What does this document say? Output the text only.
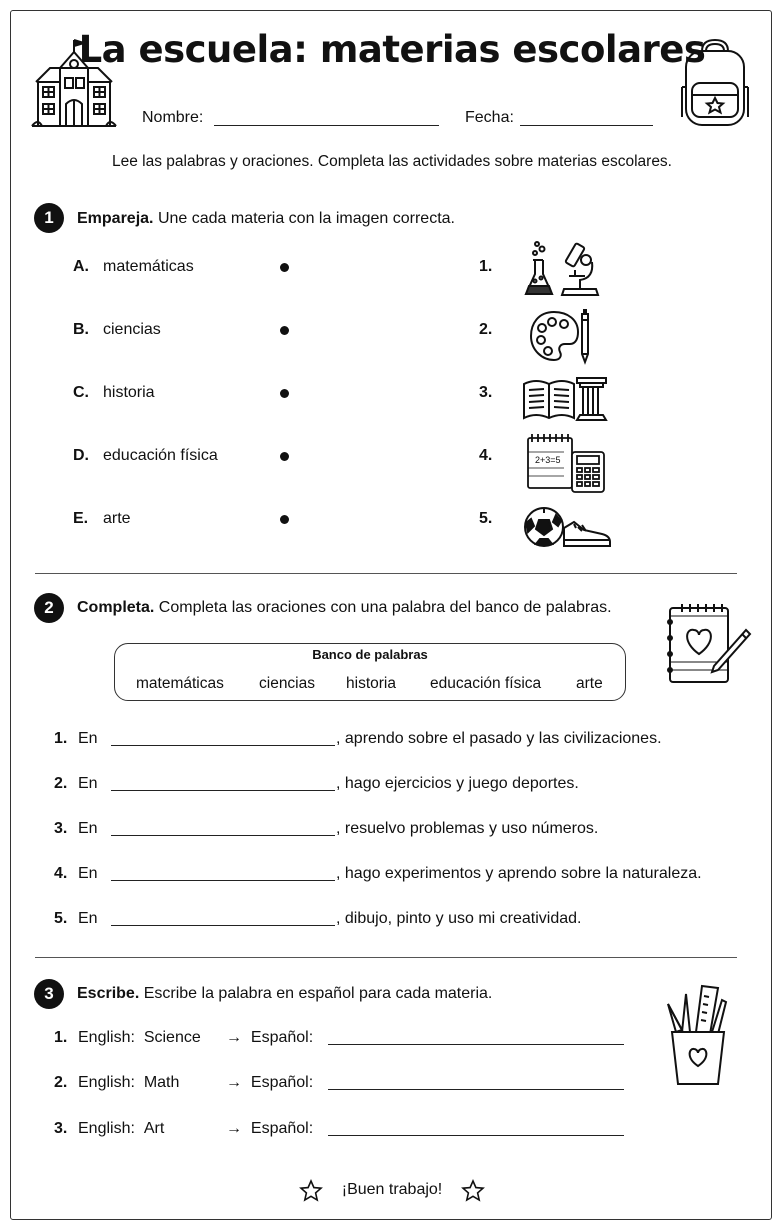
La escuela: materias escolares
Nombre:	Fecha:
Lee las palabras y oraciones. Completa las actividades sobre materias escolares.
1	Empareja. Une cada materia con la imagen correcta.
A. matemáticas
B. ciencias
C. historia
D. educación física
E. arte
1.
2.
3.
4.
5.
2+3=5
2	Completa. Completa las oraciones con una palabra del banco de palabras.
Banco de palabras
matemáticas ciencias historia educación física arte
1. En	, aprendo sobre el pasado y las civilizaciones.
2. En	, hago ejercicios y juego deportes.
3. En	, resuelvo problemas y uso números.
4. En	, hago experimentos y aprendo sobre la naturaleza.
5. En	, dibujo, pinto y uso mi creatividad.
3	Escribe. Escribe la palabra en español para cada materia.
1. English: Science → Español:
2. English: Math	→ Español:
3. English: Art	→ Español:
¡Buen trabajo!
